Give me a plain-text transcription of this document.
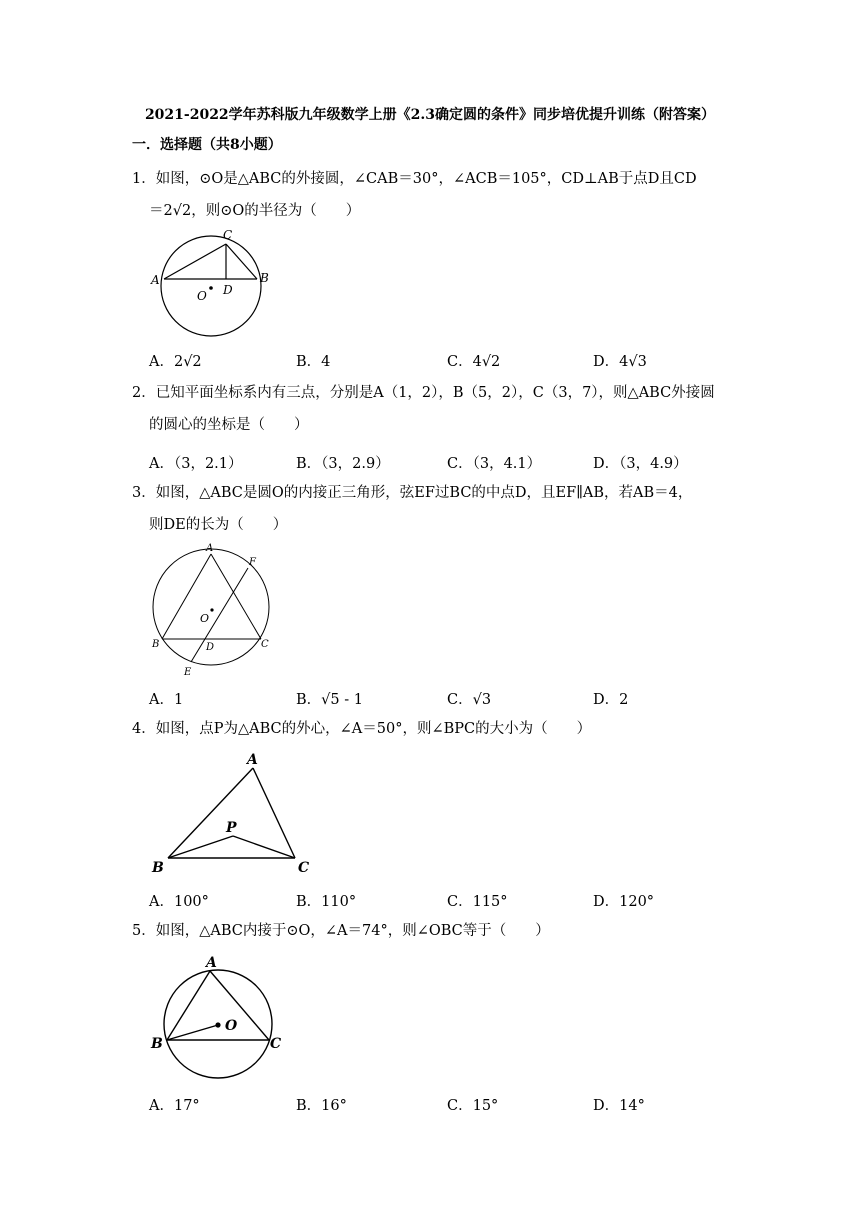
2021-2022学年苏科版九年级数学上册《2.3确定圆的条件》同步培优提升训练（附答案）
一．选择题（共8小题）
1．如图，⊙O是△ABC的外接圆，∠CAB＝30°，∠ACB＝105°，CD⊥AB于点D且CD
＝2√2，则⊙O的半径为（　　）
A	B
C
D
O
A．2√2	B．4	C．4√2	D．4√3
2．已知平面坐标系内有三点，分别是A（1，2），B（5，2），C（3，7），则△ABC外接圆
的圆心的坐标是（　　）
A．（3，2.1）	B．（3，2.9）	C．（3，4.1）	D．（3，4.9）
3．如图，△ABC是圆O的内接正三角形，弦EF过BC的中点D，且EF∥AB，若AB＝4，
则DE的长为（　　）
A
B	C
D
E
F
O
A．1	B．√5 - 1	C．√3	D．2
4．如图，点P为△ABC的外心，∠A＝50°，则∠BPC的大小为（　　）
A
B	C
P
A．100°	B．110°	C．115°	D．120°
5．如图，△ABC内接于⊙O，∠A＝74°，则∠OBC等于（　　）
A
B	C
O
A．17°	B．16°	C．15°	D．14°
